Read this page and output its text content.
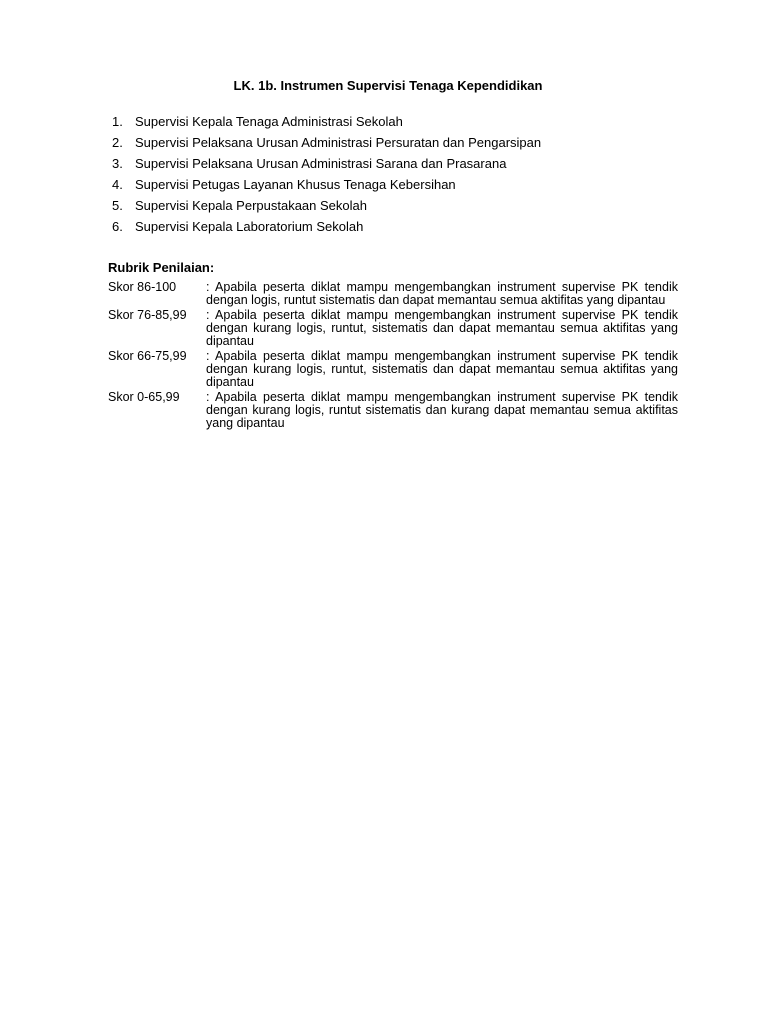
LK. 1b. Instrumen Supervisi Tenaga Kependidikan
1. Supervisi Kepala Tenaga Administrasi Sekolah
2. Supervisi Pelaksana Urusan Administrasi Persuratan dan Pengarsipan
3. Supervisi Pelaksana Urusan Administrasi Sarana dan Prasarana
4. Supervisi Petugas Layanan Khusus Tenaga Kebersihan
5. Supervisi Kepala Perpustakaan Sekolah
6. Supervisi Kepala Laboratorium Sekolah
Rubrik Penilaian:
Skor 86-100	: Apabila peserta diklat mampu mengembangkan instrument supervise PK tendik dengan logis, runtut sistematis dan dapat memantau semua aktifitas yang dipantau
Skor 76-85,99	: Apabila peserta diklat mampu mengembangkan instrument supervise PK tendik dengan kurang logis, runtut, sistematis dan dapat memantau semua aktifitas yang dipantau
Skor 66-75,99	: Apabila peserta diklat mampu mengembangkan instrument supervise PK tendik dengan kurang logis, runtut, sistematis dan dapat memantau semua aktifitas yang dipantau
Skor 0-65,99	: Apabila peserta diklat mampu mengembangkan instrument supervise PK tendik dengan kurang logis, runtut sistematis dan kurang dapat memantau semua aktifitas yang dipantau
